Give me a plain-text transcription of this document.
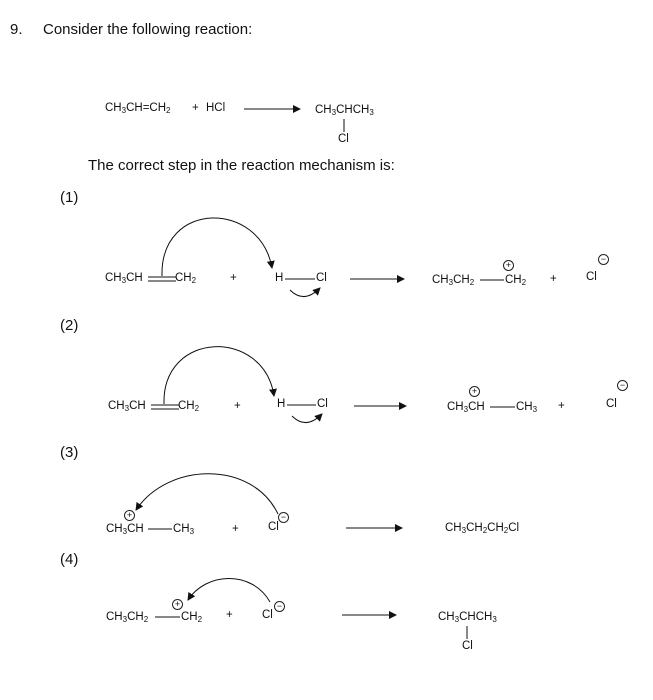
9. Consider the following reaction:
$CH_3CH=CH_2$ + HCl	$CH_3CHCH_3$
Cl
The correct step in the reaction mechanism is:
(1)
(2)
(3)
(4)
$CH_3CH$	$CH_2$	+	H	Cl	$CH_3CH_2$	$CH_2$
+
+	Cl
−
$CH_3CH$	$CH_2$	+	H	Cl	$CH_3CH$
+
$CH_3$ +	Cl
−
$CH_3CH$
+
$CH_3$	+	Cl
−
$CH_3CH_2CH_2Cl$
$CH_3CH_2$
+
$CH_2$ +	Cl
−
$CH_3CHCH_3$
Cl
